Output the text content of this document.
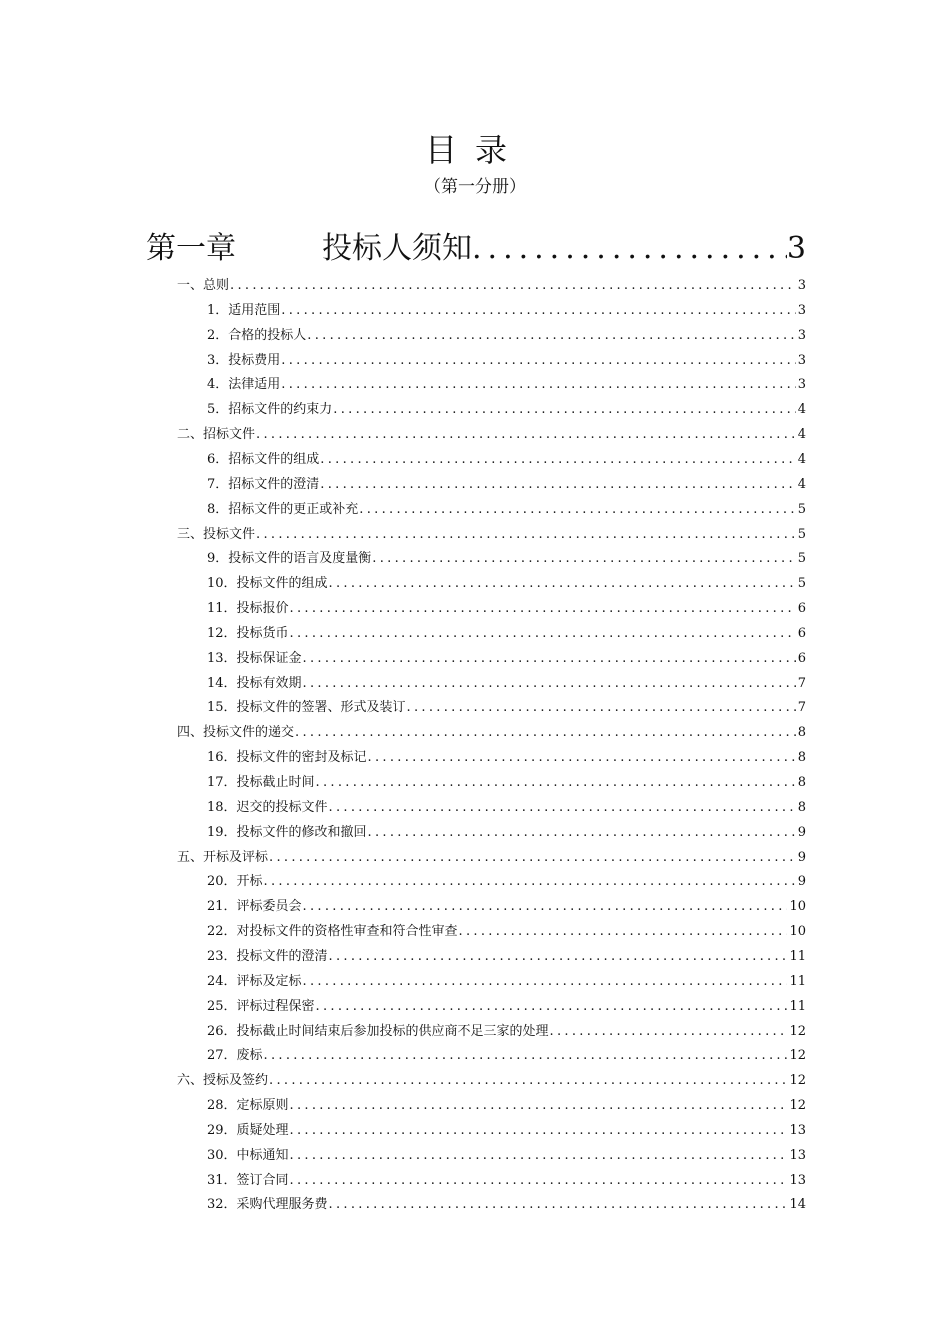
目录
（第一分册）
第一章	投标人须知 .....	3
一、总则 .....	3
1．适用范围 .....	3
2．合格的投标人 .....	3
3．投标费用 .....	3
4．法律适用 .....	3
5．招标文件的约束力 .....	4
二、招标文件 .....	4
6．招标文件的组成 .....	4
7．招标文件的澄清 .....	4
8．招标文件的更正或补充 .....	5
三、投标文件 .....	5
9．投标文件的语言及度量衡 .....	5
10．投标文件的组成 .....	5
11．投标报价 .....	6
12．投标货币 .....	6
13．投标保证金 .....	6
14．投标有效期 .....	7
15．投标文件的签署、形式及装订 .....	7
四、投标文件的递交 .....	8
16．投标文件的密封及标记 .....	8
17．投标截止时间 .....	8
18．迟交的投标文件 .....	8
19．投标文件的修改和撤回 .....	9
五、开标及评标 .....	9
20．开标 .....	9
21．评标委员会 .....	10
22．对投标文件的资格性审查和符合性审查 .....	10
23．投标文件的澄清 .....	11
24．评标及定标 .....	11
25．评标过程保密 .....	11
26．投标截止时间结束后参加投标的供应商不足三家的处理 .....	12
27．废标 .....	12
六、授标及签约 .....	12
28．定标原则 .....	12
29．质疑处理 .....	13
30．中标通知 .....	13
31．签订合同 .....	13
32．采购代理服务费 .....	14
